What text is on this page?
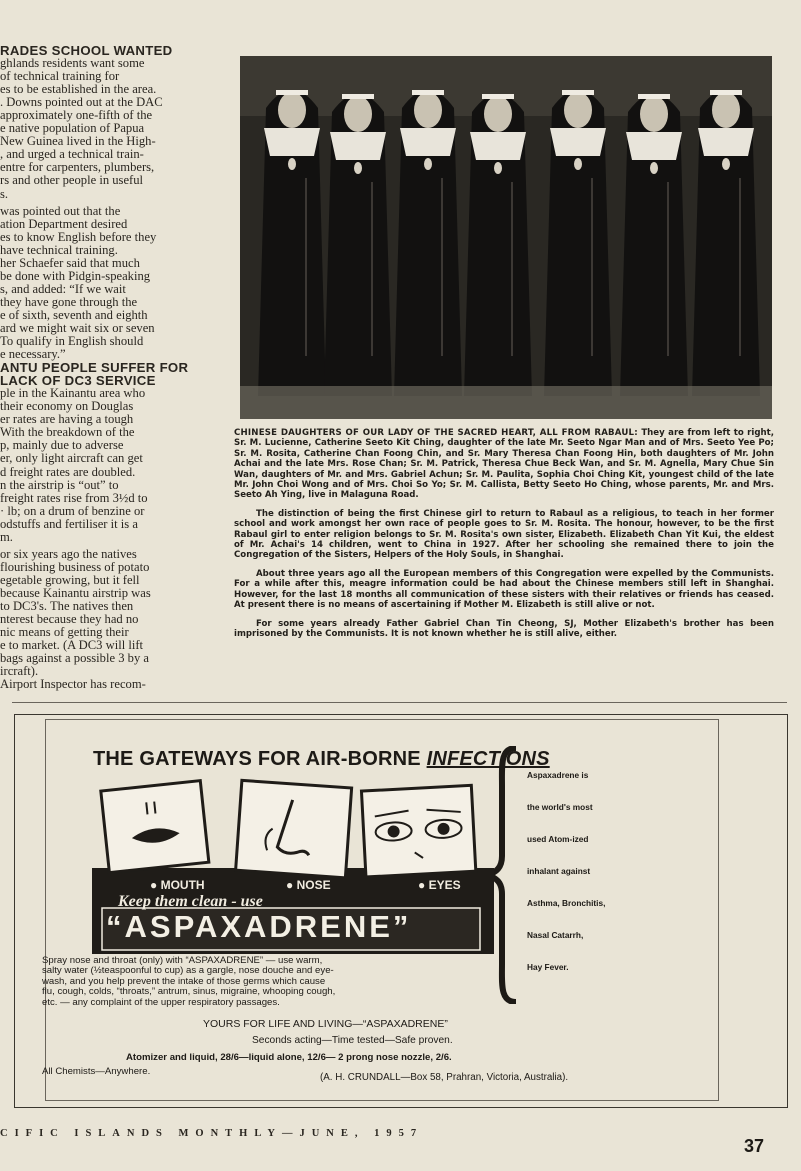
RADES SCHOOL WANTED
ghlands residents want some
of technical training for
es to be established in the area.
. Downs pointed out at the DAC
approximately one-fifth of the
e native population of Papua
New Guinea lived in the High-
, and urged a technical train-
entre for carpenters, plumbers,
rs and other people in useful
s.
was pointed out that the
ation Department desired
es to know English before they
have technical training.
her Schaefer said that much
be done with Pidgin-speaking
s, and added: “If we wait
they have gone through the
e of sixth, seventh and eighth
ard we might wait six or seven
To qualify in English should
e necessary.”
ANTU PEOPLE SUFFER FOR
LACK OF DC3 SERVICE
ple in the Kainantu area who
their economy on Douglas
er rates are having a tough
With the breakdown of the
p, mainly due to adverse
er, only light aircraft can get
d freight rates are doubled.
n the airstrip is “out” to
freight rates rise from 3½d to
· lb; on a drum of benzine or
odstuffs and fertiliser it is a
m.
or six years ago the natives
flourishing business of potato
egetable growing, but it fell
because Kainantu airstrip was
to DC3's. The natives then
nterest because they had no
nic means of getting their
e to market. (A DC3 will lift
bags against a possible 3 by a
ircraft).
Airport Inspector has recom-

CHINESE DAUGHTERS OF OUR LADY OF THE SACRED HEART, ALL FROM RABAUL: They are from left to right, Sr. M. Lucienne, Catherine Seeto Kit Ching, daughter of the late Mr. Seeto Ngar Man and of Mrs. Seeto Yee Po; Sr. M. Rosita, Catherine Chan Foong Chin, and Sr. Mary Theresa Chan Foong Hin, both daughters of Mr. John Achai and the late Mrs. Rose Chan; Sr. M. Patrick, Theresa Chue Beck Wan, and Sr. M. Agnella, Mary Chue Sin Wan, daughters of Mr. and Mrs. Gabriel Achun; Sr. M. Paulita, Sophia Choi Ching Kit, youngest child of the late Mr. John Choi Wong and of Mrs. Choi So Yo; Sr. M. Callista, Betty Seeto Ho Ching, whose parents, Mr. and Mrs. Seeto Ah Ying, live in Malaguna Road.

The distinction of being the first Chinese girl to return to Rabaul as a religious, to teach in her former school and work amongst her own race of people goes to Sr. M. Rosita. The honour, however, to be the first Rabaul girl to enter religion belongs to Sr. M. Rosita's own sister, Elizabeth. Elizabeth Chan Yit Kui, the eldest of Mr. Achai's 14 children, went to China in 1927. After her schooling she remained there to join the Congregation of the Sisters, Helpers of the Holy Souls, in Shanghai.

About three years ago all the European members of this Congregation were expelled by the Communists. For a while after this, meagre information could be had about the Chinese members still left in Shanghai. However, for the last 18 months all communication of these sisters with their relatives or friends has ceased. At present there is no means of ascertaining if Mother M. Elizabeth is still alive or not.

For some years already Father Gabriel Chan Tin Cheong, SJ, Mother Elizabeth's brother has been imprisoned by the Communists. It is not known whether he is still alive, either.

THE GATEWAYS FOR AIR-BORNE INFECTIONS
Aspaxadrene is
the world's most
used Atom-ized
inhalant against
Asthma, Bronchitis,
Nasal Catarrh,
Hay Fever.
● MOUTH	● NOSE	● EYES
Keep them clean - use
“ASPAXADRENE”
Spray nose and throat (only) with “ASPAXADRENE” — use warm,
salty water (½teaspoonful to cup) as a gargle, nose douche and eye-
wash, and you help prevent the intake of those germs which cause
flu, cough, colds, “throats,” antrum, sinus, migraine, whooping cough,
etc. — any complaint of the upper respiratory passages.
YOURS FOR LIFE AND LIVING—“ASPAXADRENE”
Seconds acting—Time tested—Safe proven.
Atomizer and liquid, 28/6—liquid alone, 12/6— 2 prong nose nozzle, 2/6.
All Chemists—Anywhere.
(A. H. CRUNDALL—Box 58, Prahran, Victoria, Australia).
CIFIC ISLANDS MONTHLY—JUNE, 1957
37
